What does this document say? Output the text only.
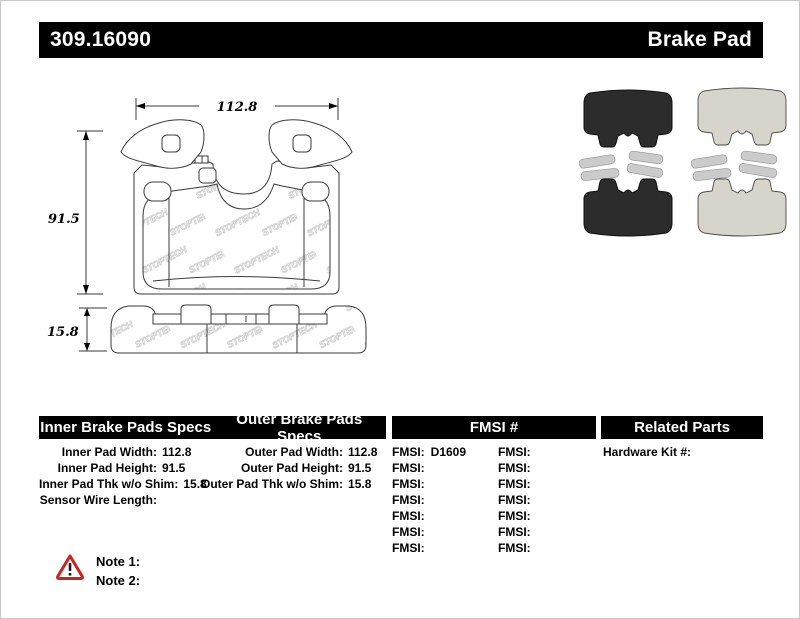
309.16090	Brake Pad
112.8
91.5
15.8
Inner Brake Pads Specs	Outer Brake Pads Specs	FMSI #	Related Parts
Inner Pad Width: 112.8
Inner Pad Height: 91.5
Inner Pad Thk w/o Shim: 15.8
Sensor Wire Length:
Outer Pad Width: 112.8
Outer Pad Height: 91.5
Outer Pad Thk w/o Shim: 15.8
FMSI: D1609
FMSI:
FMSI:
FMSI:
FMSI:
FMSI:
FMSI:
FMSI:
FMSI:
FMSI:
FMSI:
FMSI:
FMSI:
FMSI:
Hardware Kit #:
Note 1:
Note 2:
